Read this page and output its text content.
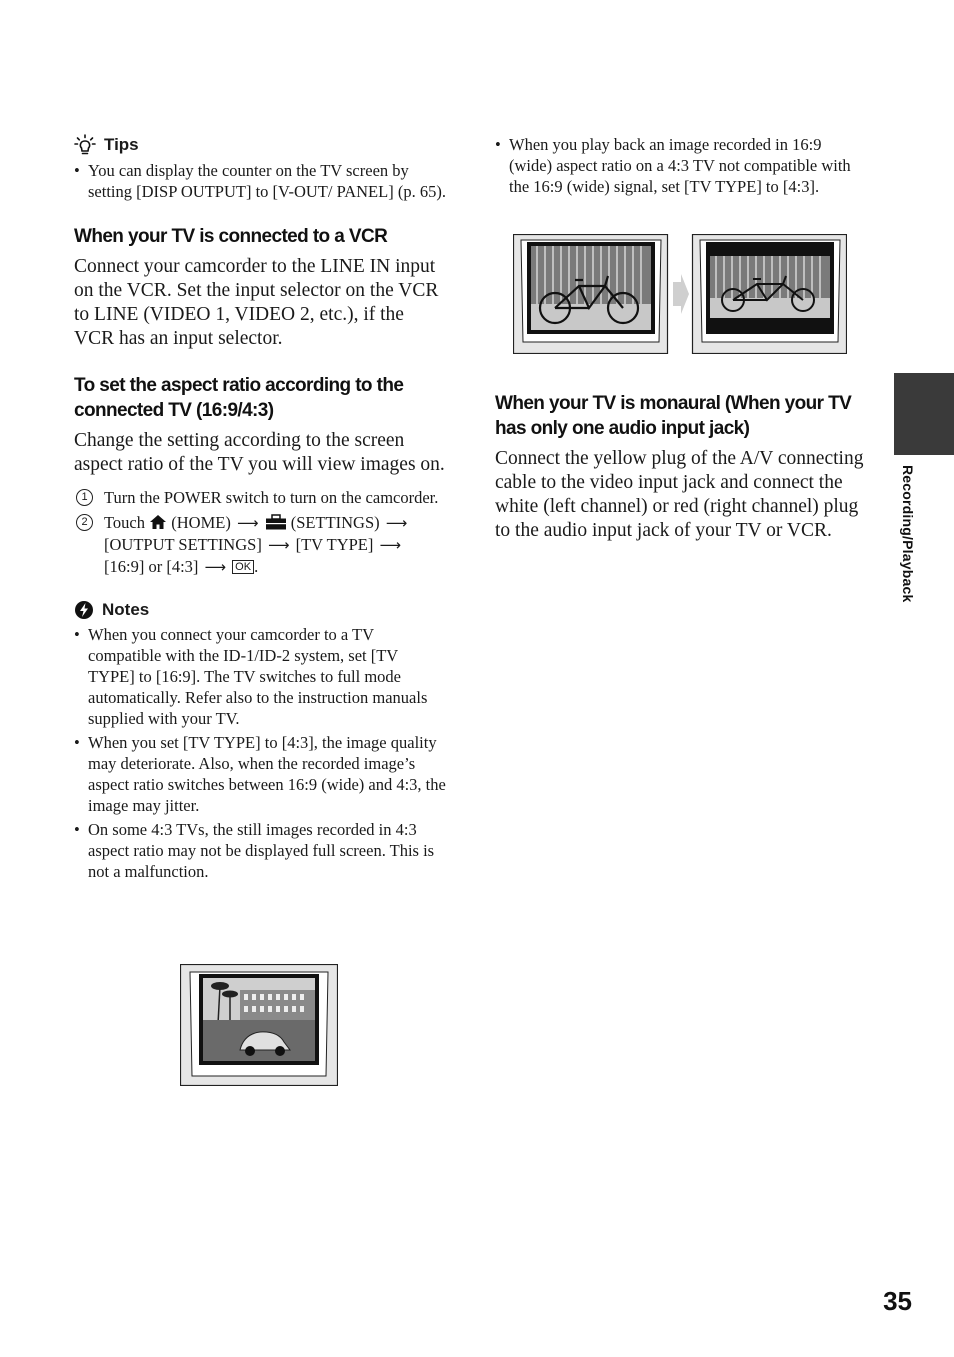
Tips
• You can display the counter on the TV screen by setting [DISP OUTPUT] to [V-OUT/ PANEL] (p. 65).
When your TV is connected to a VCR

Connect your camcorder to the LINE IN input on the VCR. Set the input selector on the VCR to LINE (VIDEO 1, VIDEO 2, etc.), if the VCR has an input selector.

To set the aspect ratio according to the connected TV (16:9/4:3)

Change the setting according to the screen aspect ratio of the TV you will view images on.

1 Turn the POWER switch to turn on the camcorder.
2 Touch (HOME) ⟶ (SETTINGS) ⟶ [OUTPUT SETTINGS] ⟶ [TV TYPE] ⟶ [16:9] or [4:3] ⟶ OK .
Notes
• When you connect your camcorder to a TV compatible with the ID-1/ID-2 system, set [TV TYPE] to [16:9]. The TV switches to full mode automatically. Refer also to the instruction manuals supplied with your TV.
• When you set [TV TYPE] to [4:3], the image quality may deteriorate. Also, when the recorded image’s aspect ratio switches between 16:9 (wide) and 4:3, the image may jitter.
• On some 4:3 TVs, the still images recorded in 4:3 aspect ratio may not be displayed full screen. This is not a malfunction.
• When you play back an image recorded in 16:9 (wide) aspect ratio on a 4:3 TV not compatible with the 16:9 (wide) signal, set [TV TYPE] to [4:3].
When your TV is monaural (When your TV has only one audio input jack)

Connect the yellow plug of the A/V connecting cable to the video input jack and connect the white (left channel) or red (right channel) plug to the audio input jack of your TV or VCR.	Recording/Playback
35
